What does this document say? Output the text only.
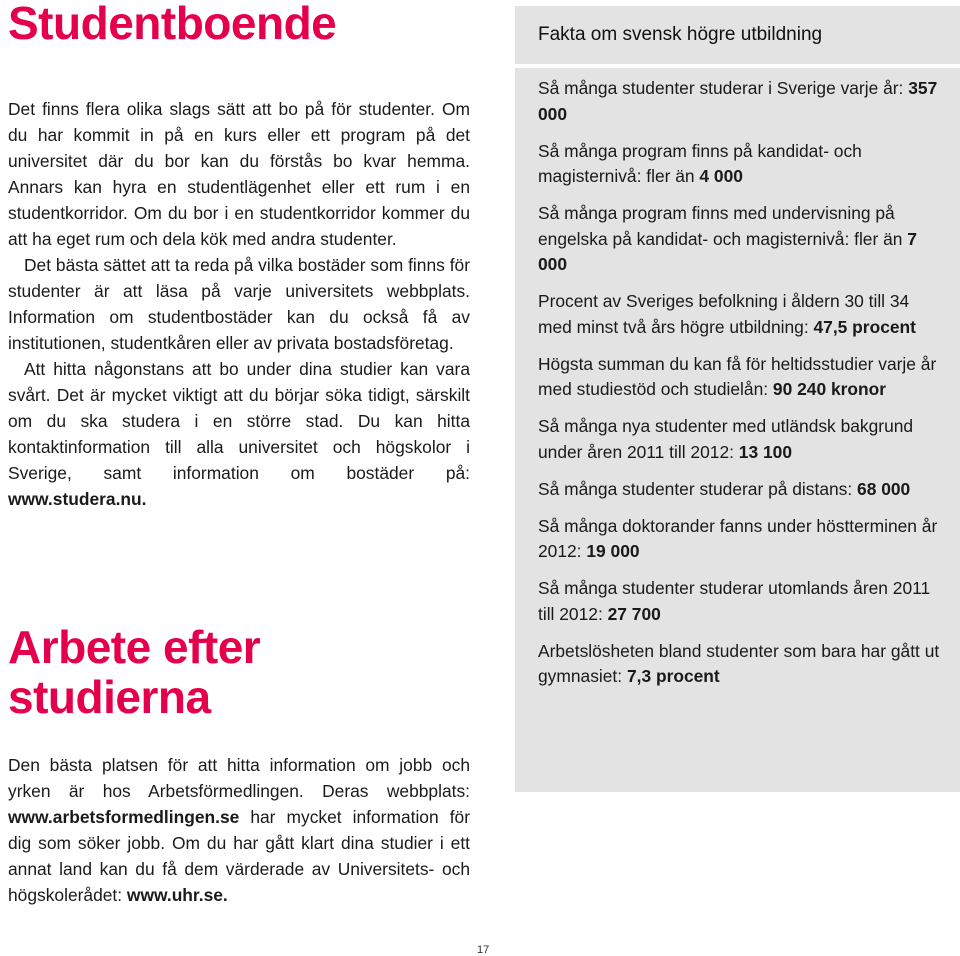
Studentboende

Det finns flera olika slags sätt att bo på för studenter. Om du har kommit in på en kurs eller ett program på det universitet där du bor kan du förstås bo kvar hemma. Annars kan hyra en studentlägenhet eller ett rum i en studentkorridor. Om du bor i en studentkorridor kommer du att ha eget rum och dela kök med andra studenter.

Det bästa sättet att ta reda på vilka bostäder som finns för studenter är att läsa på varje universitets webbplats. Information om studentbostäder kan du också få av institutionen, studentkåren eller av privata bostadsföretag.

Att hitta någonstans att bo under dina studier kan vara svårt. Det är mycket viktigt att du börjar söka tidigt, särskilt om du ska studera i en större stad. Du kan hitta kontaktinformation till alla universitet och högskolor i Sverige, samt information om bostäder på: www.studera.nu.

Arbete efter
studierna

Den bästa platsen för att hitta information om jobb och yrken är hos Arbetsförmedlingen. Deras webbplats: www.arbetsformedlingen.se har mycket information för dig som söker jobb. Om du har gått klart dina studier i ett annat land kan du få dem värderade av Universitets- och högskolerådet: www.uhr.se.

Fakta om svensk högre utbildning
Så många studenter studerar i Sverige varje år: 357 000
Så många program finns på kandidat- och magisternivå: fler än 4 000
Så många program finns med undervisning på engelska på kandidat- och magisternivå: fler än 7 000
Procent av Sveriges befolkning i åldern 30 till 34 med minst två års högre utbildning: 47,5 procent
Högsta summan du kan få för heltidsstudier varje år med studiestöd och studielån: 90 240 kronor
Så många nya studenter med utländsk bakgrund under åren 2011 till 2012: 13 100
Så många studenter studerar på distans: 68 000
Så många doktorander fanns under höstterminen år 2012: 19 000
Så många studenter studerar utomlands åren 2011 till 2012: 27 700
Arbetslösheten bland studenter som bara har gått ut gymnasiet: 7,3 procent
17
